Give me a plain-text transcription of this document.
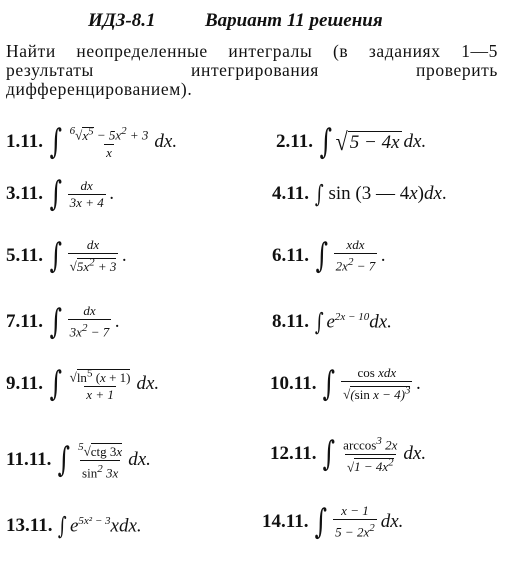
ИДЗ-8.1	Вариант 11 решения
Найти неопределенные интегралы (в заданиях 1—5 результаты интегрирования проверить дифференцированием).
1.11. ∫ $\frac{^6√x^5 - 5x^2 + 3}{x}$ dx.	2.11. ∫ √ 5 − 4x dx.
3.11. ∫ $\frac{dx}{3x + 4}$ .	4.11. ∫ sin (3 — 4x)dx.
5.11. ∫ $\frac{dx}{√5x^2 + 3}$ .	6.11. ∫ $\frac{\text{xdx}}{2x^2 - 7}$ .
7.11. ∫ $\frac{dx}{3x^2 - 7}$ .	8.11. ∫ $e^{2x - 10}dx$.
9.11. ∫ $\frac{√\ln^5 (x + 1)}{x + 1}$ dx.	10.11. ∫ $\frac{\text{cos xdx}}{√(\sin x - 4)^3}$ .
11.11. ∫ $\frac{^5√ctg 3x}{\sin^2 3x}$ dx.	12.11. ∫ $\frac{\arccos^3 2x}{√1 - 4x^2}$ dx.
13.11. ∫ $e^{5x^2 - 3}xdx$.	14.11. ∫ $\frac{x - 1}{5 - 2x^2}$ dx.
